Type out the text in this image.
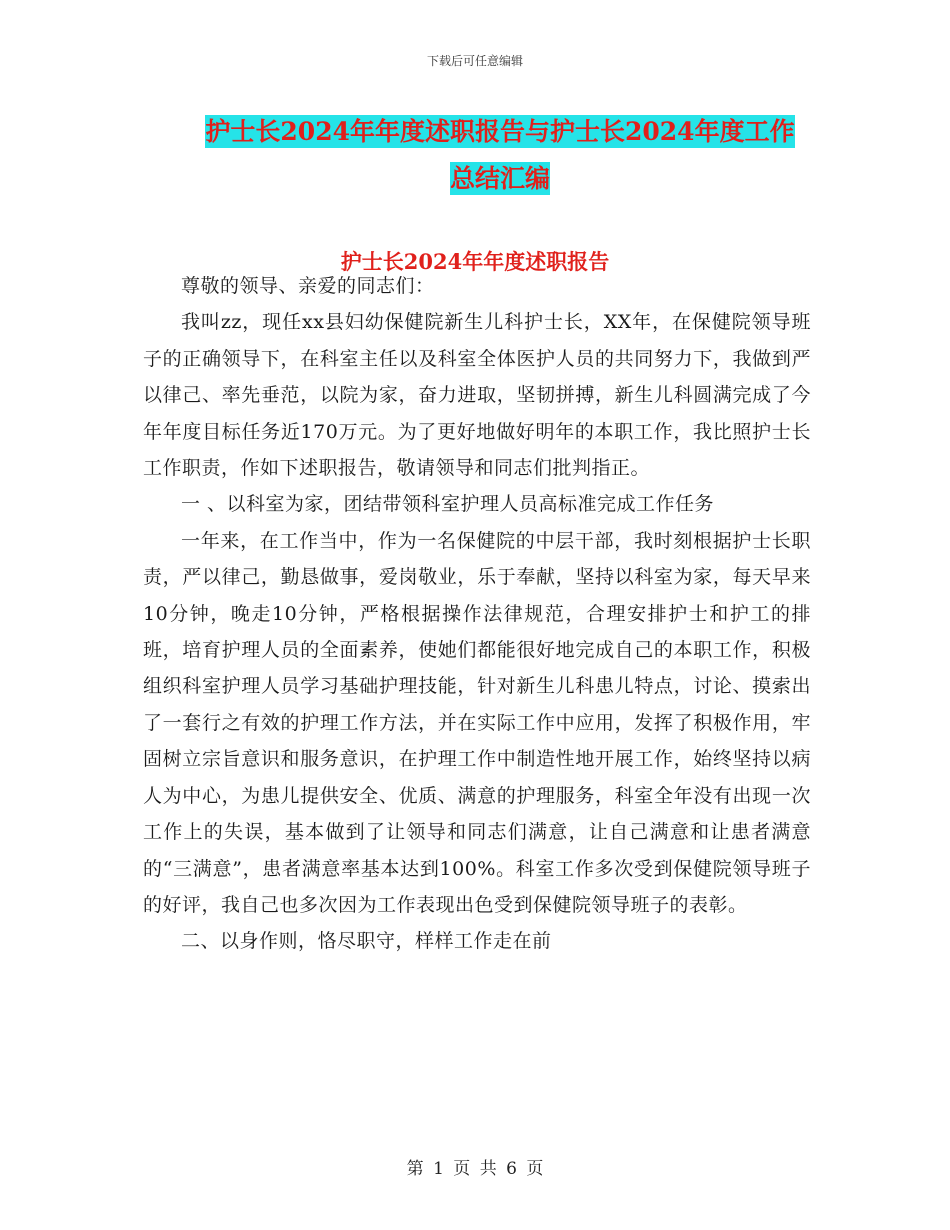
下载后可任意编辑
护士长2024年年度述职报告与护士长2024年度工作
总结汇编
护士长2024年年度述职报告

尊敬的领导、亲爱的同志们：

我叫zz，现任xx县妇幼保健院新生儿科护士长，XX年，在保健院领导班子的正确领导下，在科室主任以及科室全体医护人员的共同努力下，我做到严以律己、率先垂范，以院为家，奋力进取，坚韧拼搏，新生儿科圆满完成了今年年度目标任务近170万元。为了更好地做好明年的本职工作，我比照护士长工作职责，作如下述职报告，敬请领导和同志们批判指正。

一 、以科室为家，团结带领科室护理人员高标准完成工作任务

一年来，在工作当中，作为一名保健院的中层干部，我时刻根据护士长职责，严以律己，勤恳做事，爱岗敬业，乐于奉献，坚持以科室为家，每天早来10分钟，晚走10分钟，严格根据操作法律规范，合理安排护士和护工的排班，培育护理人员的全面素养，使她们都能很好地完成自己的本职工作，积极组织科室护理人员学习基础护理技能，针对新生儿科患儿特点，讨论、摸索出了一套行之有效的护理工作方法，并在实际工作中应用，发挥了积极作用，牢固树立宗旨意识和服务意识，在护理工作中制造性地开展工作，始终坚持以病人为中心，为患儿提供安全、优质、满意的护理服务，科室全年没有出现一次工作上的失误，基本做到了让领导和同志们满意，让自己满意和让患者满意的“三满意”，患者满意率基本达到100%。科室工作多次受到保健院领导班子的好评，我自己也多次因为工作表现出色受到保健院领导班子的表彰。

二、以身作则，恪尽职守，样样工作走在前

第 1 页 共 6 页
